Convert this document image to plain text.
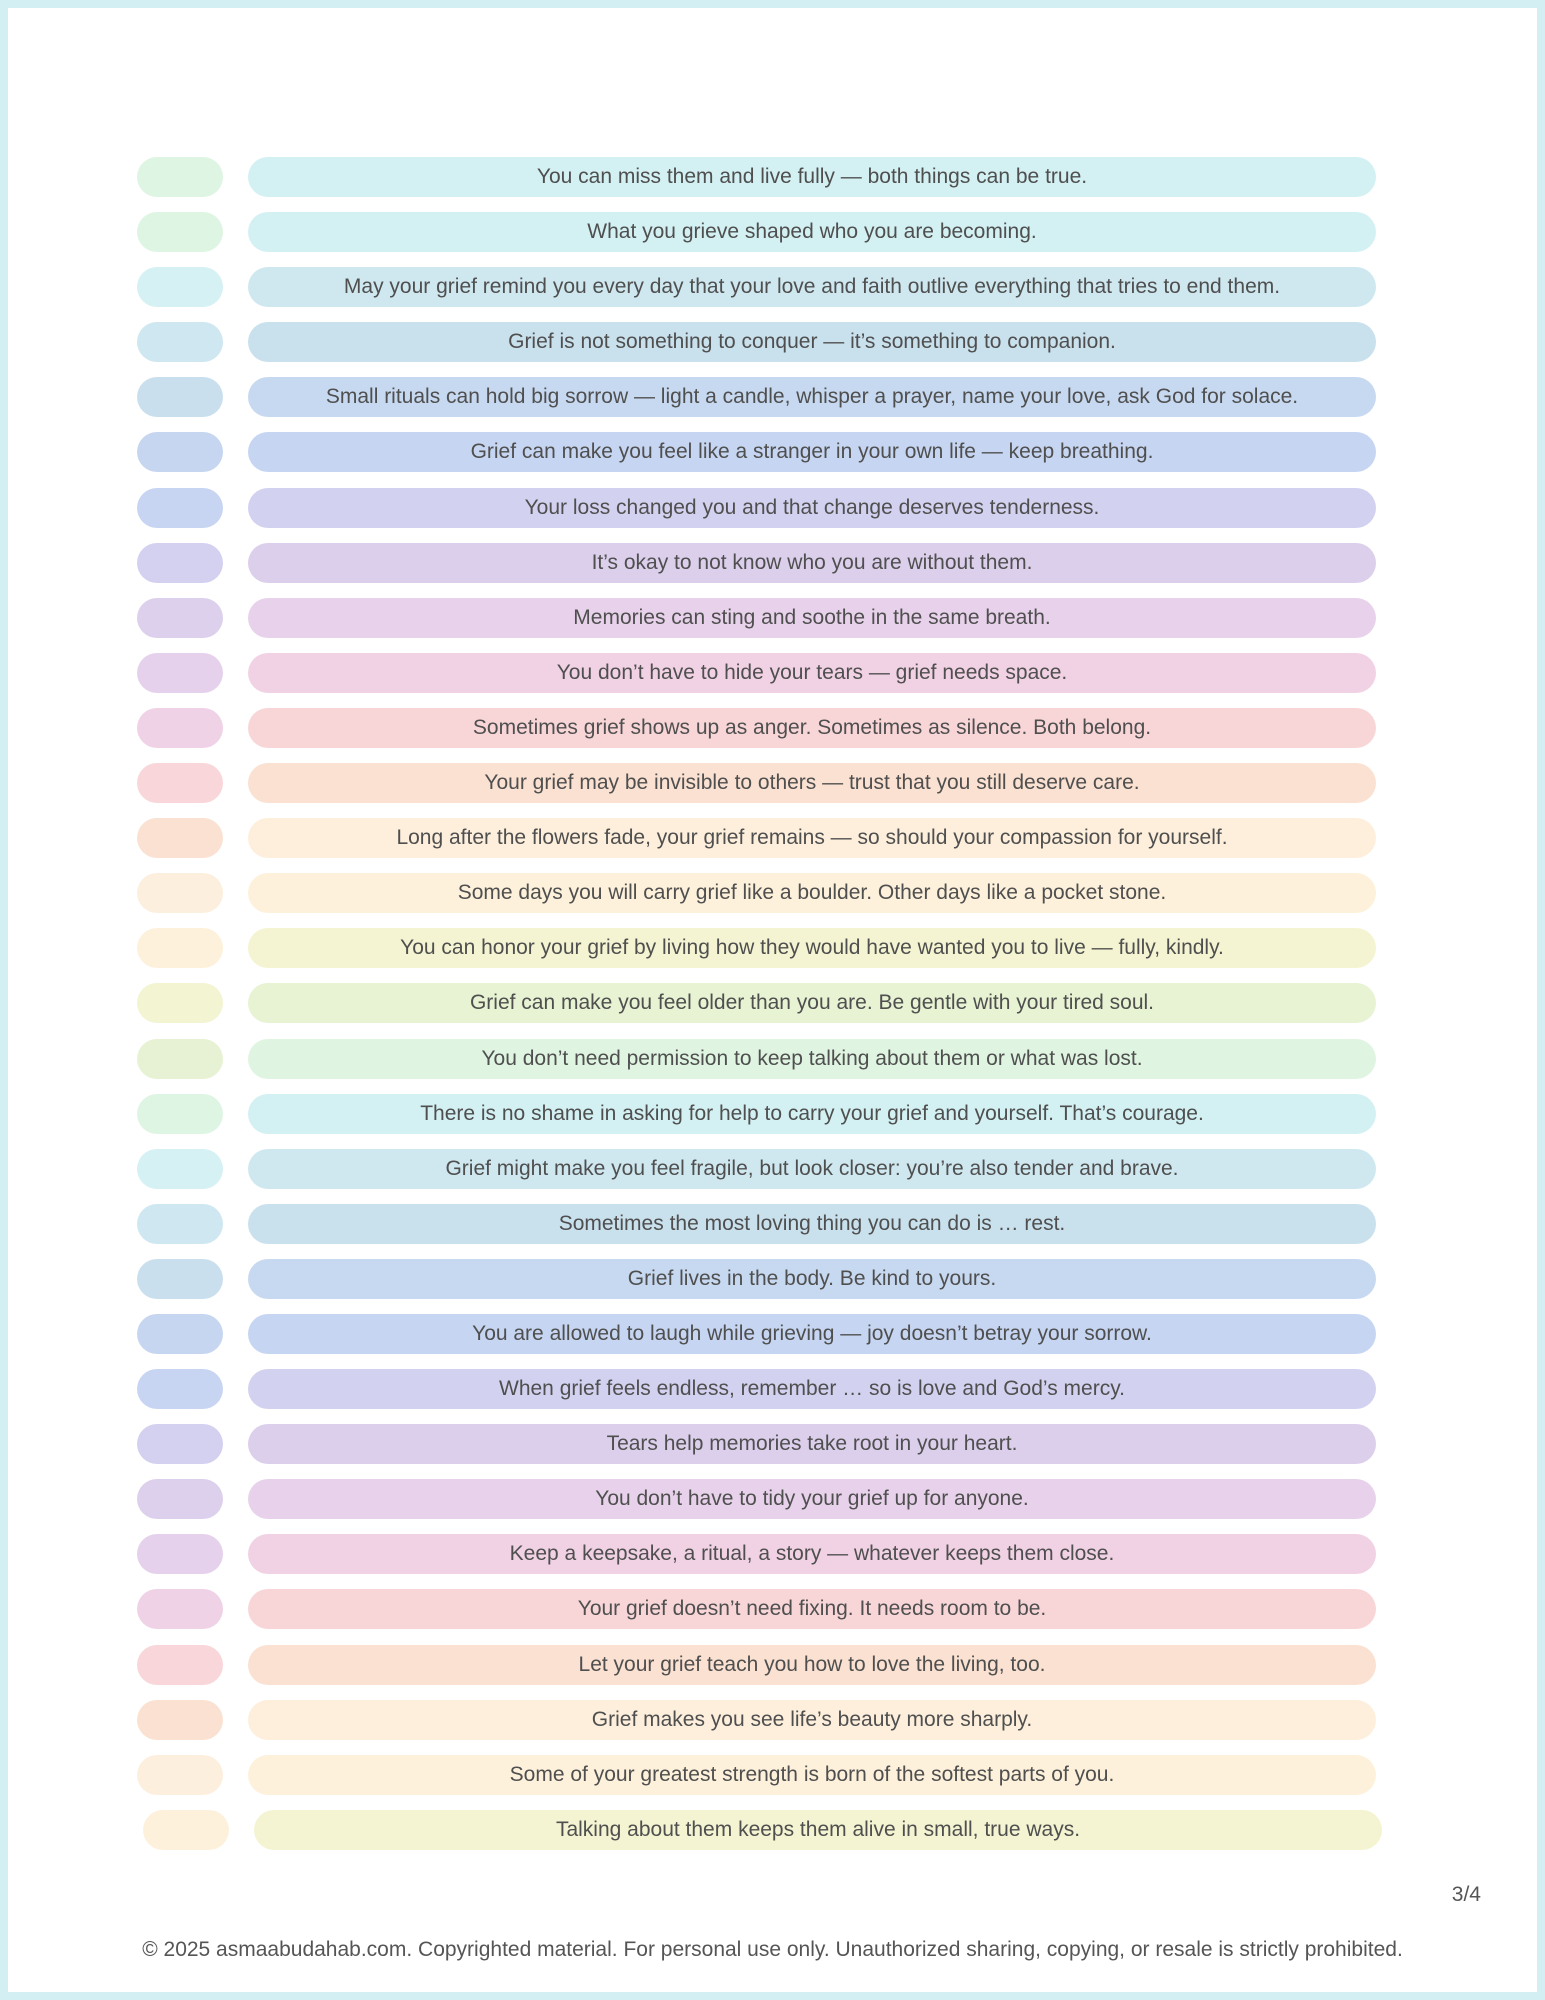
You can miss them and live fully — both things can be true.
What you grieve shaped who you are becoming.
May your grief remind you every day that your love and faith outlive everything that tries to end them.
Grief is not something to conquer — it’s something to companion.
Small rituals can hold big sorrow — light a candle, whisper a prayer, name your love, ask God for solace.
Grief can make you feel like a stranger in your own life — keep breathing.
Your loss changed you and that change deserves tenderness.
It’s okay to not know who you are without them.
Memories can sting and soothe in the same breath.
You don’t have to hide your tears — grief needs space.
Sometimes grief shows up as anger. Sometimes as silence. Both belong.
Your grief may be invisible to others — trust that you still deserve care.
Long after the flowers fade, your grief remains — so should your compassion for yourself.
Some days you will carry grief like a boulder. Other days like a pocket stone.
You can honor your grief by living how they would have wanted you to live — fully, kindly.
Grief can make you feel older than you are. Be gentle with your tired soul.
You don’t need permission to keep talking about them or what was lost.
There is no shame in asking for help to carry your grief and yourself. That’s courage.
Grief might make you feel fragile, but look closer: you’re also tender and brave.
Sometimes the most loving thing you can do is … rest.
Grief lives in the body. Be kind to yours.
You are allowed to laugh while grieving — joy doesn’t betray your sorrow.
When grief feels endless, remember … so is love and God’s mercy.
Tears help memories take root in your heart.
You don’t have to tidy your grief up for anyone.
Keep a keepsake, a ritual, a story — whatever keeps them close.
Your grief doesn’t need fixing. It needs room to be.
Let your grief teach you how to love the living, too.
Grief makes you see life’s beauty more sharply.
Some of your greatest strength is born of the softest parts of you.
Talking about them keeps them alive in small, true ways.
3/4
© 2025 asmaabudahab.com. Copyrighted material. For personal use only. Unauthorized sharing, copying, or resale is strictly prohibited.
